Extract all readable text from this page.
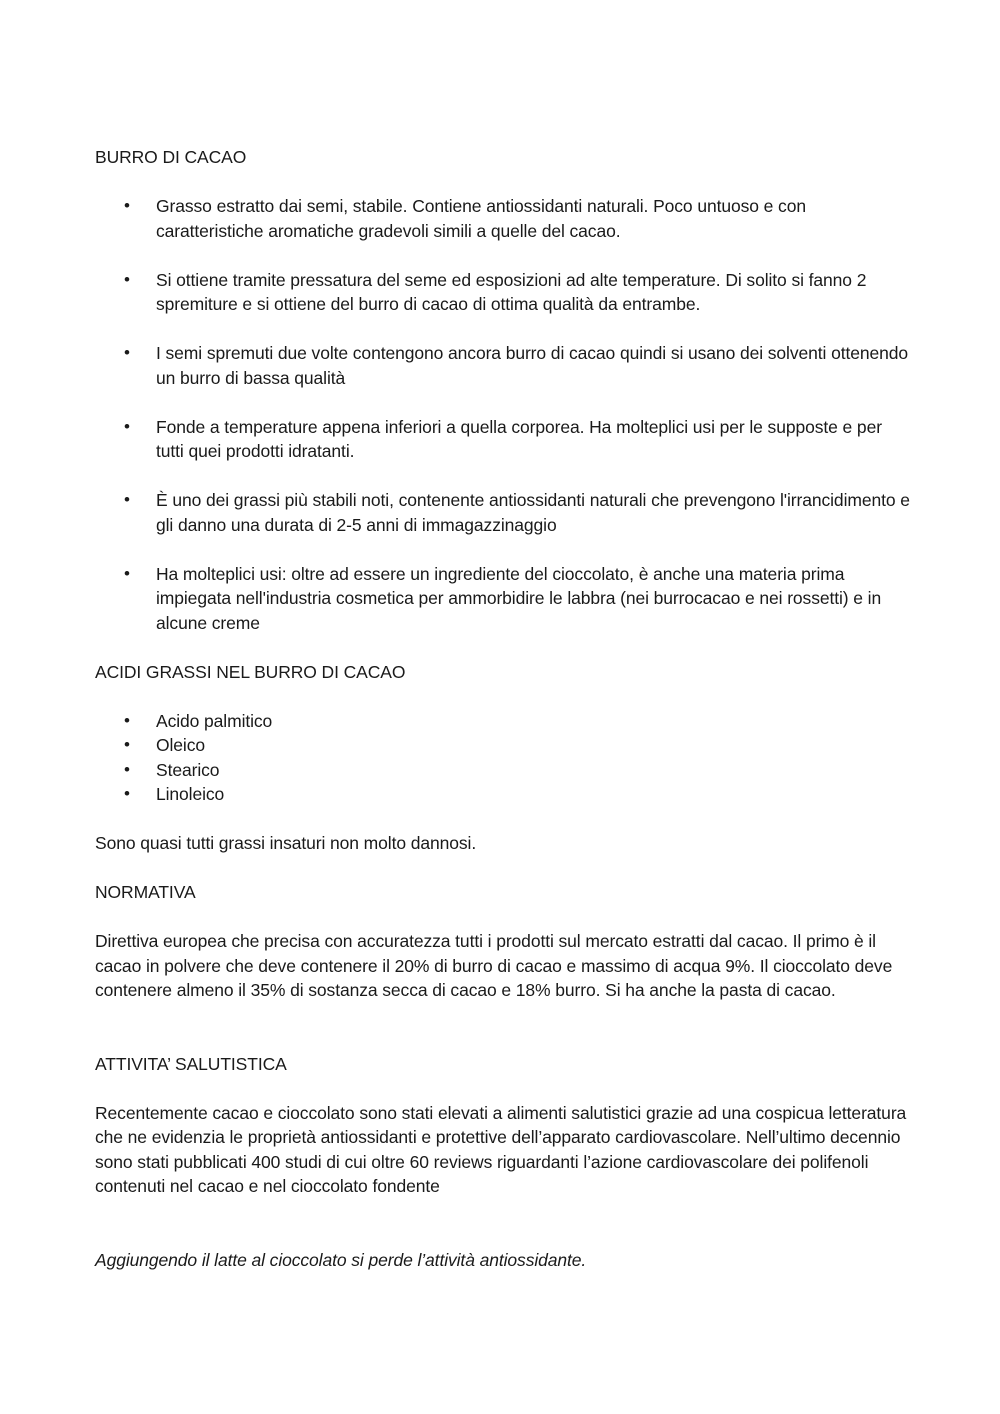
BURRO DI CACAO
• Grasso estratto dai semi, stabile. Contiene antiossidanti naturali. Poco untuoso e con caratteristiche aromatiche gradevoli simili a quelle del cacao.
• Si ottiene tramite pressatura del seme ed esposizioni ad alte temperature. Di solito si fanno 2 spremiture e si ottiene del burro di cacao di ottima qualità da entrambe.
• I semi spremuti due volte contengono ancora burro di cacao quindi si usano dei solventi ottenendo un burro di bassa qualità
• Fonde a temperature appena inferiori a quella corporea. Ha molteplici usi per le supposte e per tutti quei prodotti idratanti.
• È uno dei grassi più stabili noti, contenente antiossidanti naturali che prevengono l'irrancidimento e gli danno una durata di 2-5 anni di immagazzinaggio
• Ha molteplici usi: oltre ad essere un ingrediente del cioccolato, è anche una materia prima impiegata nell'industria cosmetica per ammorbidire le labbra (nei burrocacao e nei rossetti) e in alcune creme
ACIDI GRASSI NEL BURRO DI CACAO
• Acido palmitico
• Oleico
• Stearico
• Linoleico
Sono quasi tutti grassi insaturi non molto dannosi.
NORMATIVA
Direttiva europea che precisa con accuratezza tutti i prodotti sul mercato estratti dal cacao. Il primo è il cacao in polvere che deve contenere il 20% di burro di cacao e massimo di acqua 9%. Il cioccolato deve contenere almeno il 35% di sostanza secca di cacao e 18% burro. Si ha anche la pasta di cacao.
ATTIVITA’ SALUTISTICA
Recentemente cacao e cioccolato sono stati elevati a alimenti salutistici grazie ad una cospicua letteratura che ne evidenzia le proprietà antiossidanti e protettive dell’apparato cardiovascolare. Nell’ultimo decennio sono stati pubblicati 400 studi di cui oltre 60 reviews riguardanti l’azione cardiovascolare dei polifenoli contenuti nel cacao e nel cioccolato fondente
Aggiungendo il latte al cioccolato si perde l’attività antiossidante.
